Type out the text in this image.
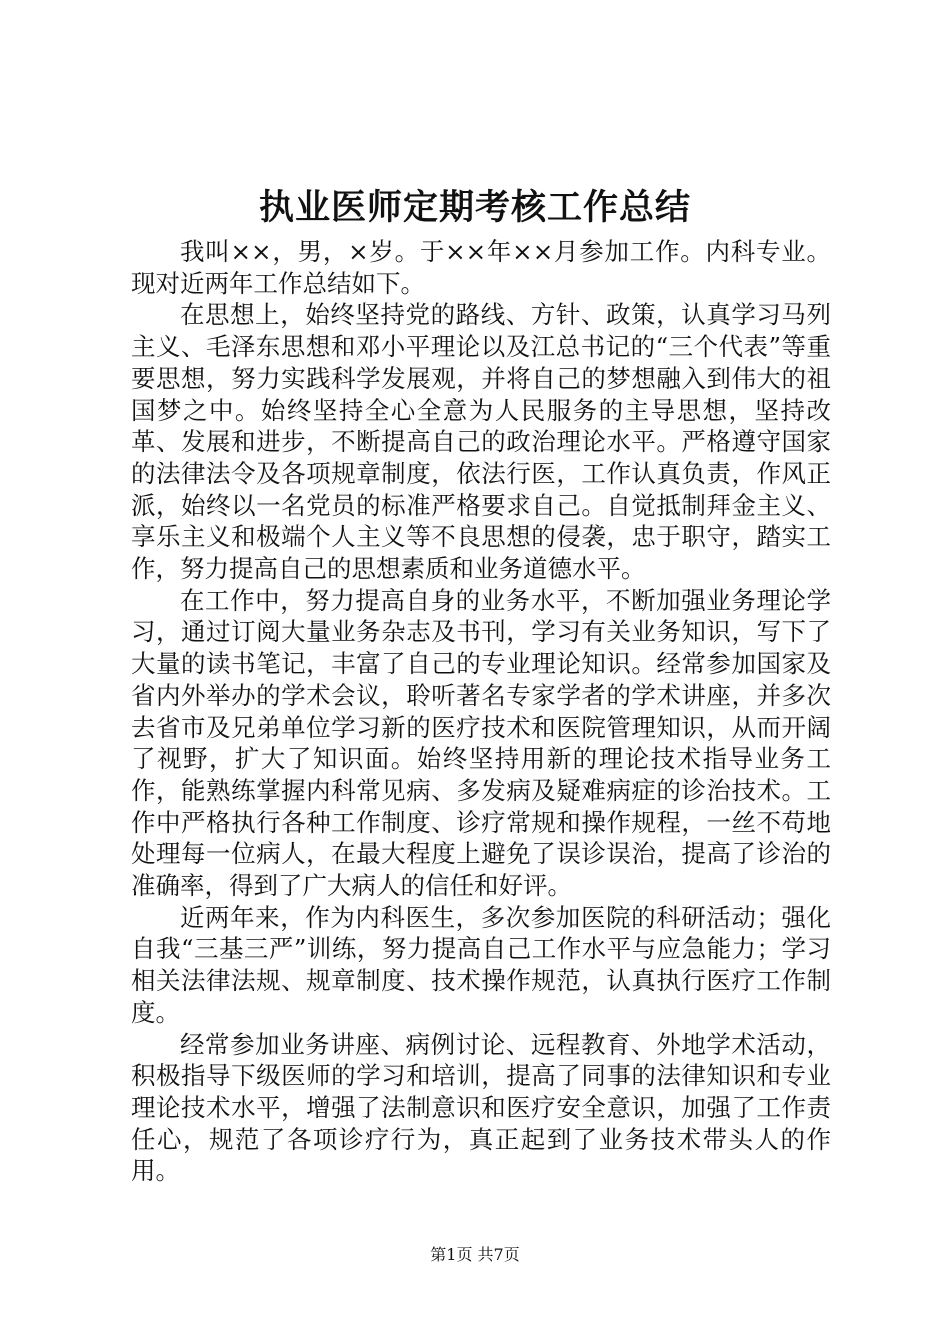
执业医师定期考核工作总结

我叫××，男，×岁。于××年××月参加工作。内科专业。现对近两年工作总结如下。

在思想上，始终坚持党的路线、方针、政策，认真学习马列主义、毛泽东思想和邓小平理论以及江总书记的“三个代表”等重要思想，努力实践科学发展观，并将自己的梦想融入到伟大的祖国梦之中。始终坚持全心全意为人民服务的主导思想，坚持改革、发展和进步，不断提高自己的政治理论水平。严格遵守国家的法律法令及各项规章制度，依法行医，工作认真负责，作风正派，始终以一名党员的标准严格要求自己。自觉抵制拜金主义、享乐主义和极端个人主义等不良思想的侵袭，忠于职守，踏实工作，努力提高自己的思想素质和业务道德水平。

在工作中，努力提高自身的业务水平，不断加强业务理论学习，通过订阅大量业务杂志及书刊，学习有关业务知识，写下了大量的读书笔记，丰富了自己的专业理论知识。经常参加国家及省内外举办的学术会议，聆听著名专家学者的学术讲座，并多次去省市及兄弟单位学习新的医疗技术和医院管理知识，从而开阔了视野，扩大了知识面。始终坚持用新的理论技术指导业务工作，能熟练掌握内科常见病、多发病及疑难病症的诊治技术。工作中严格执行各种工作制度、诊疗常规和操作规程，一丝不苟地处理每一位病人，在最大程度上避免了误诊误治，提高了诊治的准确率，得到了广大病人的信任和好评。

近两年来，作为内科医生，多次参加医院的科研活动；强化自我“三基三严”训练，努力提高自己工作水平与应急能力；学习相关法律法规、规章制度、技术操作规范，认真执行医疗工作制度。

经常参加业务讲座、病例讨论、远程教育、外地学术活动，积极指导下级医师的学习和培训，提高了同事的法律知识和专业理论技术水平，增强了法制意识和医疗安全意识，加强了工作责任心，规范了各项诊疗行为，真正起到了业务技术带头人的作用。

第1页 共7页
